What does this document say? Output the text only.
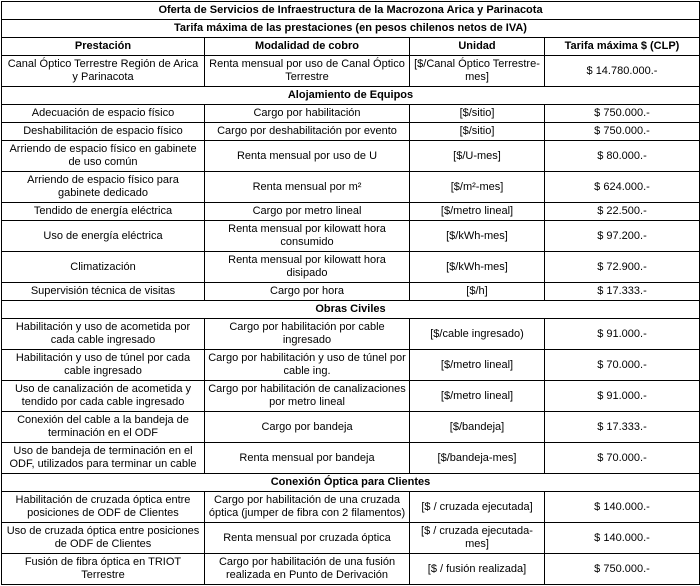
Oferta de Servicios de Infraestructura de la Macrozona Arica y Parinacota			
Tarifa máxima de las prestaciones (en pesos chilenos netos de IVA)			
Prestación	Modalidad de cobro	Unidad	Tarifa máxima $ (CLP)
Canal Óptico Terrestre Región de Arica y Parinacota	Renta mensual por uso de Canal Óptico Terrestre	[$/Canal Óptico Terrestre-mes]	$ 14.780.000.-
Alojamiento de Equipos			
Adecuación de espacio físico	Cargo por habilitación	[$/sitio]	$ 750.000.-
Deshabilitación de espacio físico	Cargo por deshabilitación por evento	[$/sitio]	$ 750.000.-
Arriendo de espacio físico en gabinete de uso común	Renta mensual por uso de U	[$/U-mes]	$ 80.000.-
Arriendo de espacio físico para gabinete dedicado	Renta mensual por m²	[$/m²-mes]	$ 624.000.-
Tendido de energía eléctrica	Cargo por metro lineal	[$/metro lineal]	$ 22.500.-
Uso de energía eléctrica	Renta mensual por kilowatt hora consumido	[$/kWh-mes]	$ 97.200.-
Climatización	Renta mensual por kilowatt hora disipado	[$/kWh-mes]	$ 72.900.-
Supervisión técnica de visitas	Cargo por hora	[$/h]	$ 17.333.-
Obras Civiles			
Habilitación y uso de acometida por cada cable ingresado	Cargo por habilitación por cable ingresado	[$/cable ingresado)	$ 91.000.-
Habilitación y uso de túnel por cada cable ingresado	Cargo por habilitación y uso de túnel por cable ing.	[$/metro lineal]	$ 70.000.-
Uso de canalización de acometida y tendido por cada cable ingresado	Cargo por habilitación de canalizaciones por metro lineal	[$/metro lineal]	$ 91.000.-
Conexión del cable a la bandeja de terminación en el ODF	Cargo por bandeja	[$/bandeja]	$ 17.333.-
Uso de bandeja de terminación en el ODF, utilizados para terminar un cable	Renta mensual por bandeja	[$/bandeja-mes]	$ 70.000.-
Conexión Óptica para Clientes			
Habilitación de cruzada óptica entre posiciones de ODF de Clientes	Cargo por habilitación de una cruzada óptica (jumper de fibra con 2 filamentos)	[$ / cruzada ejecutada]	$ 140.000.-
Uso de cruzada óptica entre posiciones de ODF de Clientes	Renta mensual por cruzada óptica	[$ / cruzada ejecutada-mes]	$ 140.000.-
Fusión de fibra óptica en TRIOT Terrestre	Cargo por habilitación de una fusión realizada en Punto de Derivación	[$ / fusión realizada]	$ 750.000.-
